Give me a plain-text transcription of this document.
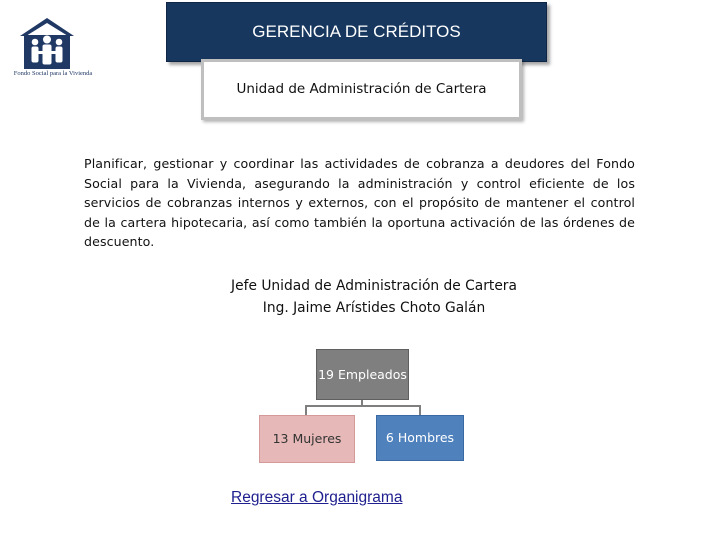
Fondo Social para la Vivienda
GERENCIA DE CRÉDITOS
Unidad de Administración de Cartera
Planificar, gestionar y coordinar las actividades de cobranza a deudores del Fondo Social para la Vivienda, asegurando la administración y control eficiente de los servicios de cobranzas internos y externos, con el propósito de mantener el control de la cartera hipotecaria, así como también la oportuna activación de las órdenes de descuento.
Jefe Unidad de Administración de Cartera
Ing. Jaime Arístides Choto Galán
19 Empleados
13 Mujeres	6 Hombres
Regresar a Organigrama
